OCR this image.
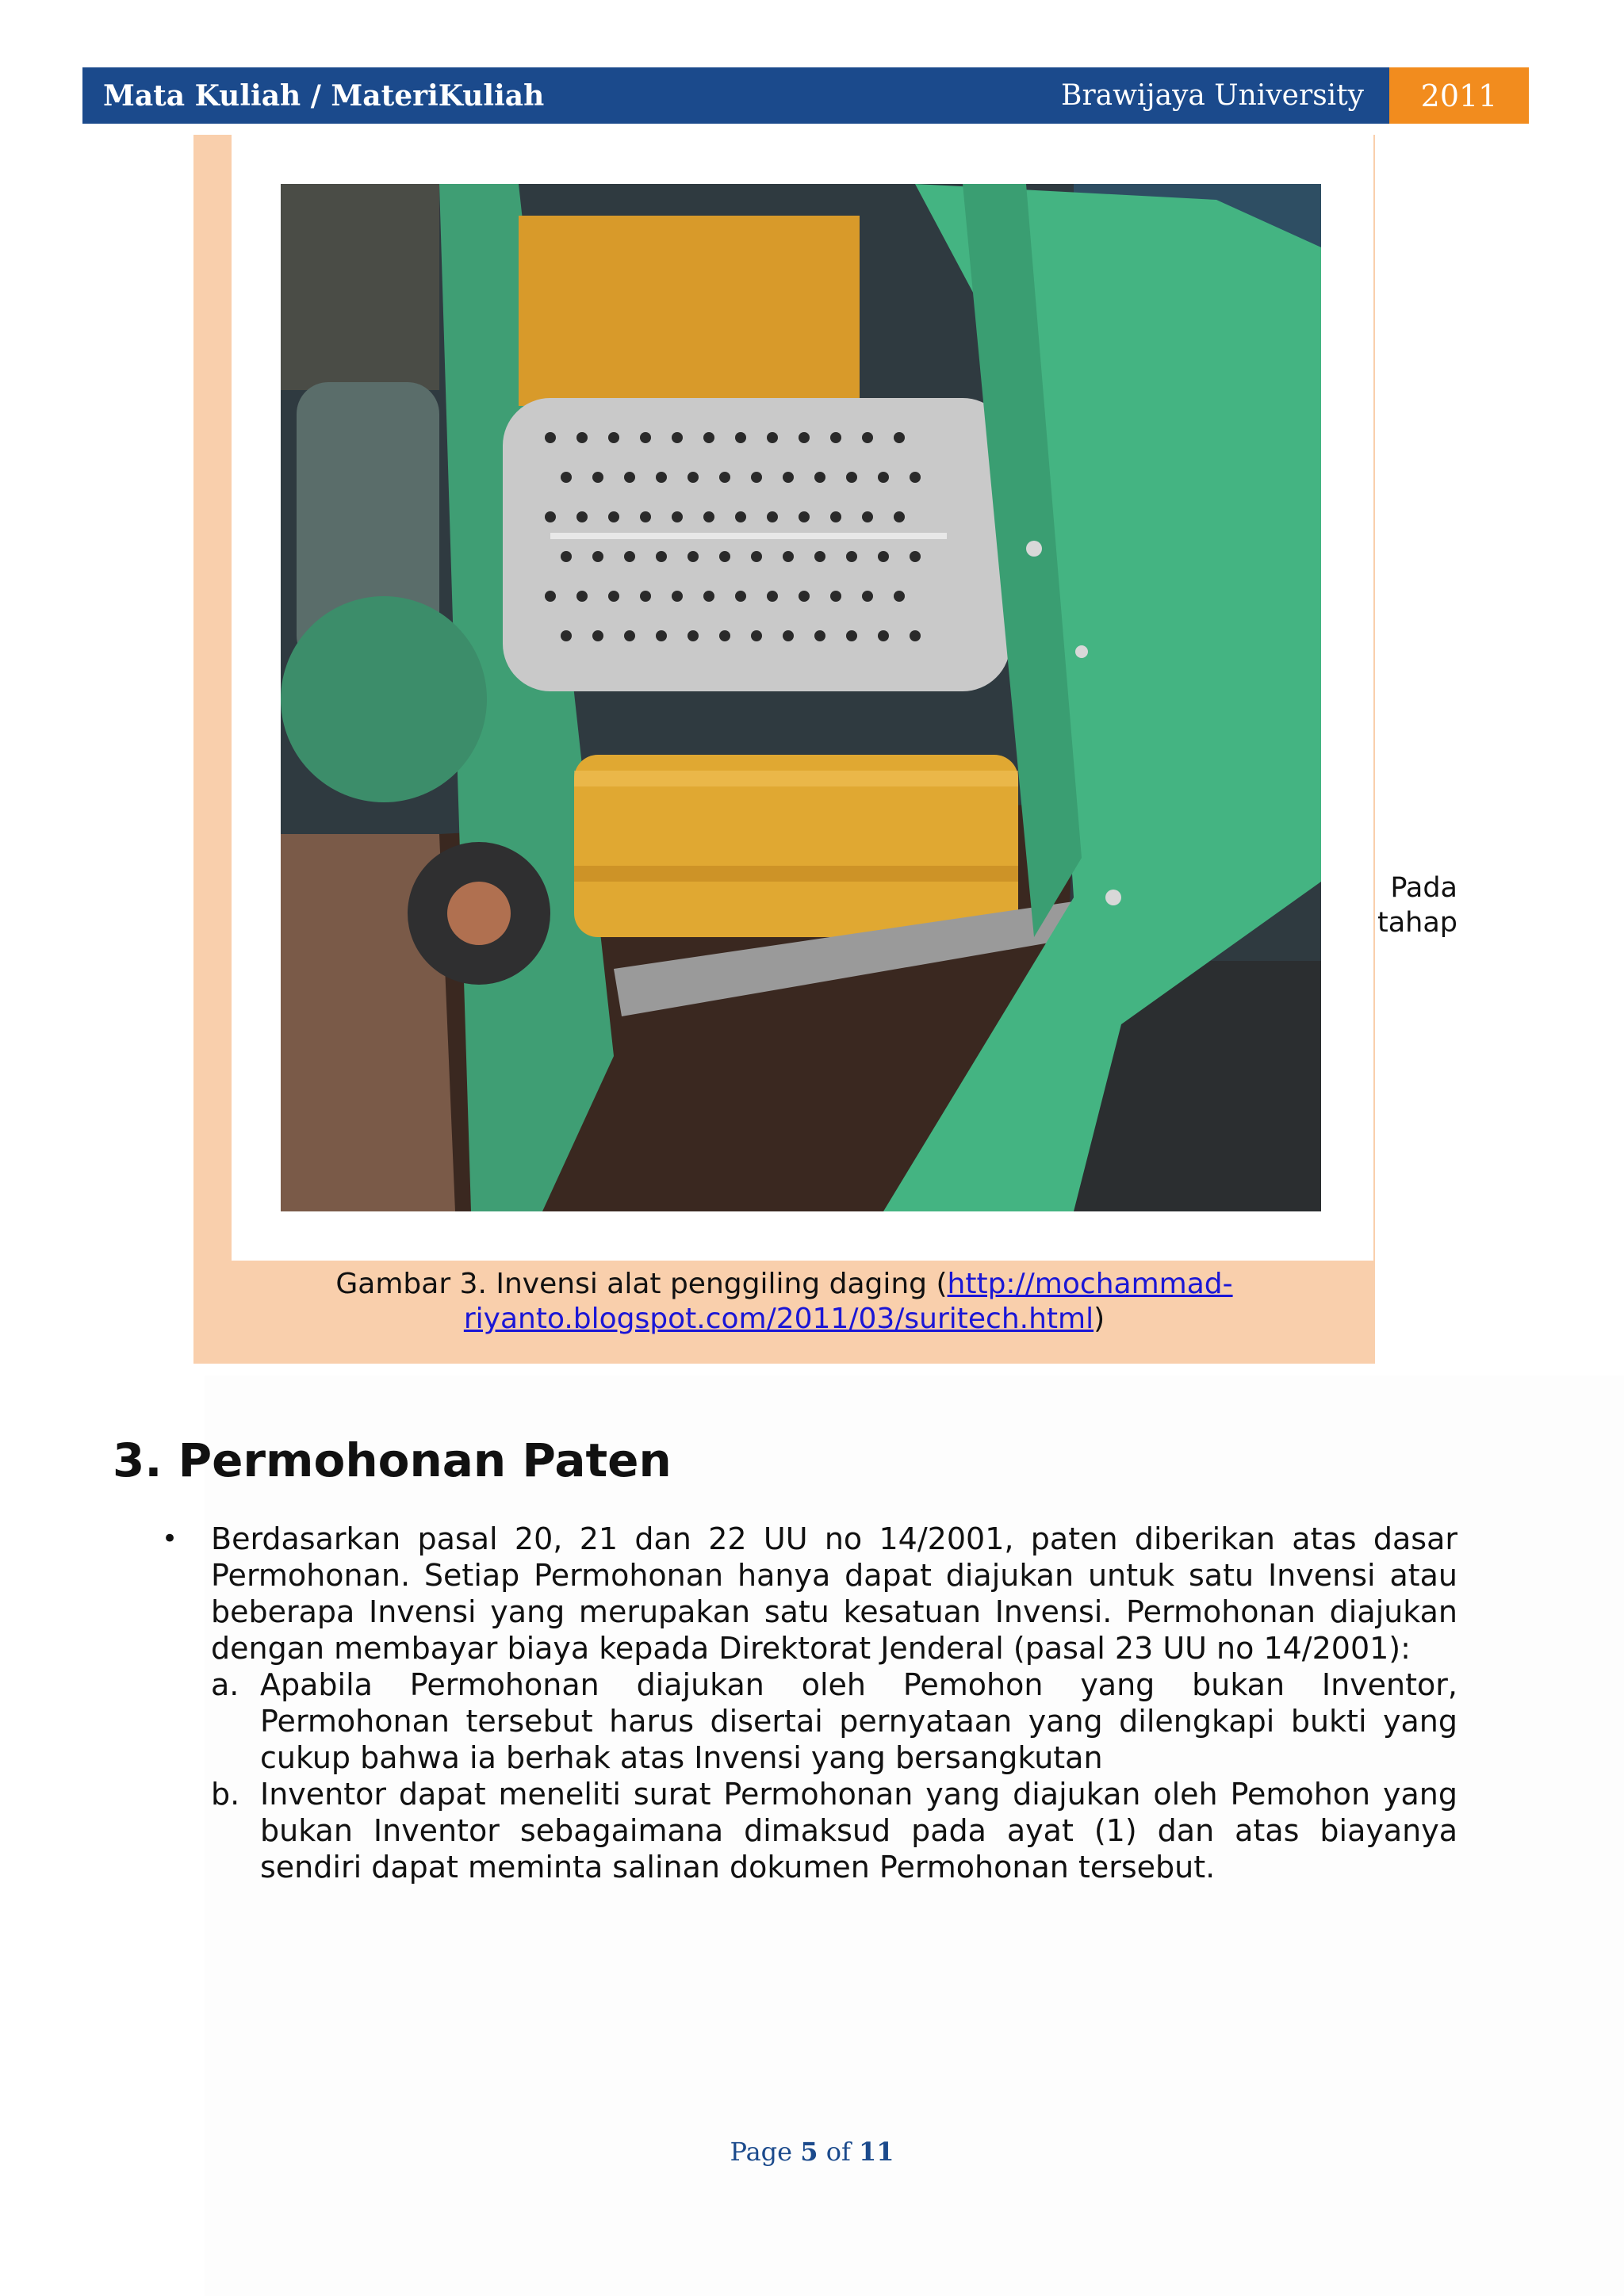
Mata Kuliah / MateriKuliah	Brawijaya University	2011
Gambar 3. Invensi alat penggiling daging (http://mochammad-
riyanto.blogspot.com/2011/03/suritech.html)
Pada
tahap
3. Permohonan Paten
•	Berdasarkan pasal 20, 21 dan 22 UU no 14/2001, paten diberikan atas dasar Permohonan. Setiap Permohonan hanya dapat diajukan untuk satu Invensi atau beberapa Invensi yang merupakan satu kesatuan Invensi. Permohonan diajukan dengan membayar biaya kepada Direktorat Jenderal (pasal 23 UU no 14/2001):
a. Apabila Permohonan diajukan oleh Pemohon yang bukan Inventor, Permohonan tersebut harus disertai pernyataan yang dilengkapi bukti yang cukup bahwa ia berhak atas Invensi yang bersangkutan
b. Inventor dapat meneliti surat Permohonan yang diajukan oleh Pemohon yang bukan Inventor sebagaimana dimaksud pada ayat (1) dan atas biayanya sendiri dapat meminta salinan dokumen Permohonan tersebut.
Page 5 of 11
